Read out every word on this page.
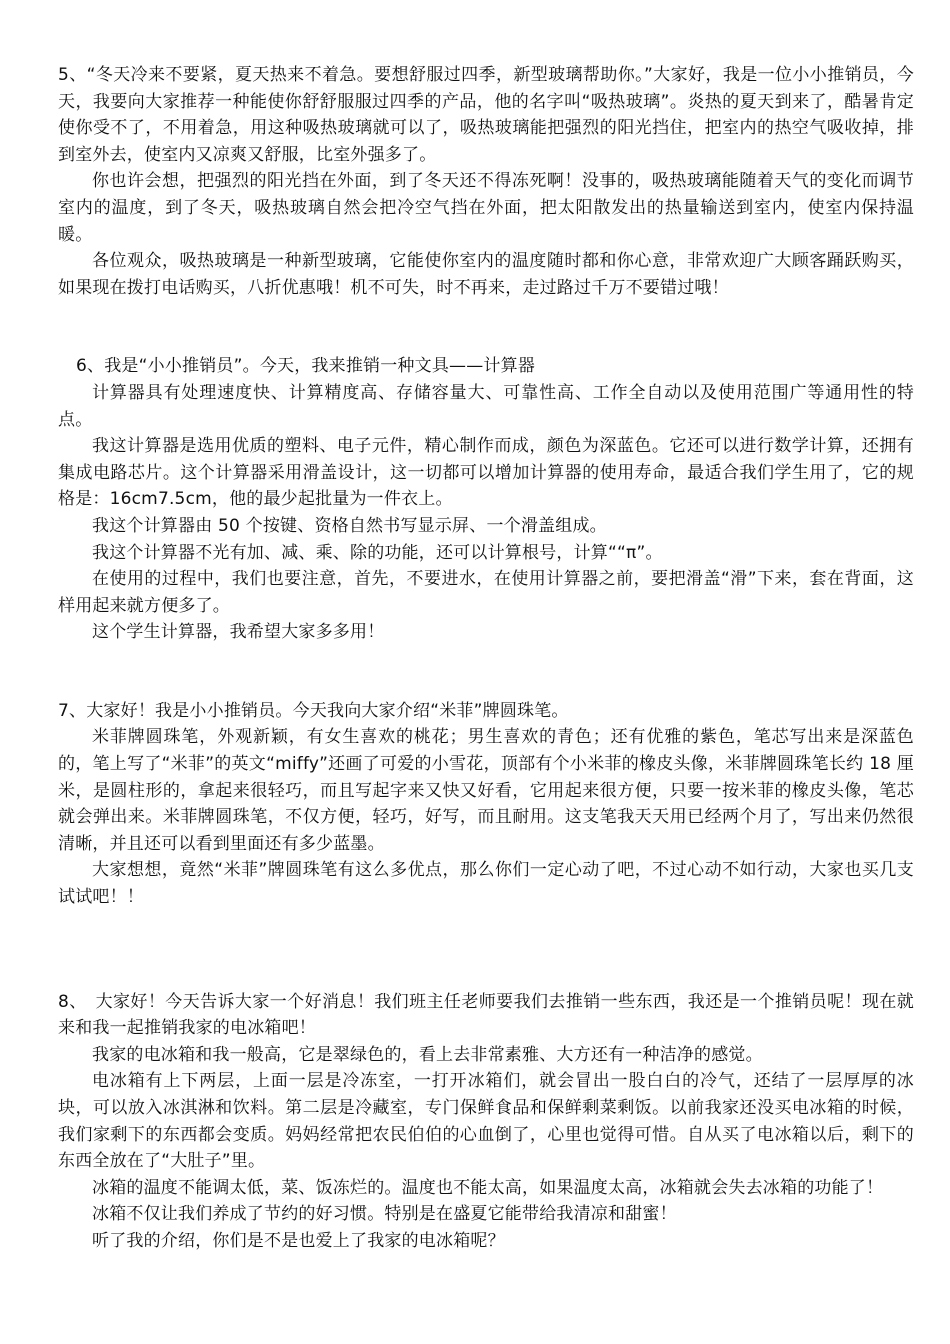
5、“冬天冷来不要紧，夏天热来不着急。要想舒服过四季，新型玻璃帮助你。”大家好，我是一位小小推销员，今天，我要向大家推荐一种能使你舒舒服服过四季的产品，他的名字叫“吸热玻璃”。炎热的夏天到来了，酷暑肯定使你受不了，不用着急，用这种吸热玻璃就可以了，吸热玻璃能把强烈的阳光挡住，把室内的热空气吸收掉，排到室外去，使室内又凉爽又舒服，比室外强多了。

你也许会想，把强烈的阳光挡在外面，到了冬天还不得冻死啊！没事的，吸热玻璃能随着天气的变化而调节室内的温度，到了冬天，吸热玻璃自然会把冷空气挡在外面，把太阳散发出的热量输送到室内，使室内保持温暖。

各位观众，吸热玻璃是一种新型玻璃，它能使你室内的温度随时都和你心意，非常欢迎广大顾客踊跃购买，如果现在拨打电话购买，八折优惠哦！机不可失，时不再来，走过路过千万不要错过哦！

6、我是“小小推销员”。今天，我来推销一种文具——计算器

计算器具有处理速度快、计算精度高、存储容量大、可靠性高、工作全自动以及使用范围广等通用性的特点。

我这计算器是选用优质的塑料、电子元件，精心制作而成，颜色为深蓝色。它还可以进行数学计算，还拥有集成电路芯片。这个计算器采用滑盖设计，这一切都可以增加计算器的使用寿命，最适合我们学生用了，它的规格是：16cm7.5cm，他的最少起批量为一件衣上。

我这个计算器由 50 个按键、资格自然书写显示屏、一个滑盖组成。

我这个计算器不光有加、减、乘、除的功能，还可以计算根号，计算““π”。

在使用的过程中，我们也要注意，首先，不要进水，在使用计算器之前，要把滑盖“滑”下来，套在背面，这样用起来就方便多了。

这个学生计算器，我希望大家多多用！

7、大家好！我是小小推销员。今天我向大家介绍“米菲”牌圆珠笔。

米菲牌圆珠笔，外观新颖，有女生喜欢的桃花；男生喜欢的青色；还有优雅的紫色，笔芯写出来是深蓝色的，笔上写了“米菲”的英文“miffy”还画了可爱的小雪花，顶部有个小米菲的橡皮头像，米菲牌圆珠笔长约 18 厘米，是圆柱形的，拿起来很轻巧，而且写起字来又快又好看，它用起来很方便，只要一按米菲的橡皮头像，笔芯就会弹出来。米菲牌圆珠笔，不仅方便，轻巧，好写，而且耐用。这支笔我天天用已经两个月了，写出来仍然很清晰，并且还可以看到里面还有多少蓝墨。

大家想想，竟然“米菲”牌圆珠笔有这么多优点，那么你们一定心动了吧，不过心动不如行动，大家也买几支试试吧！！

8、　大家好！今天告诉大家一个好消息！我们班主任老师要我们去推销一些东西，我还是一个推销员呢！现在就来和我一起推销我家的电冰箱吧！

我家的电冰箱和我一般高，它是翠绿色的，看上去非常素雅、大方还有一种洁净的感觉。

电冰箱有上下两层，上面一层是冷冻室，一打开冰箱们，就会冒出一股白白的冷气，还结了一层厚厚的冰块，可以放入冰淇淋和饮料。第二层是冷藏室，专门保鲜食品和保鲜剩菜剩饭。以前我家还没买电冰箱的时候，我们家剩下的东西都会变质。妈妈经常把农民伯伯的心血倒了，心里也觉得可惜。自从买了电冰箱以后，剩下的东西全放在了“大肚子”里。

冰箱的温度不能调太低，菜、饭冻烂的。温度也不能太高，如果温度太高，冰箱就会失去冰箱的功能了！

冰箱不仅让我们养成了节约的好习惯。特别是在盛夏它能带给我清凉和甜蜜！

听了我的介绍，你们是不是也爱上了我家的电冰箱呢？
